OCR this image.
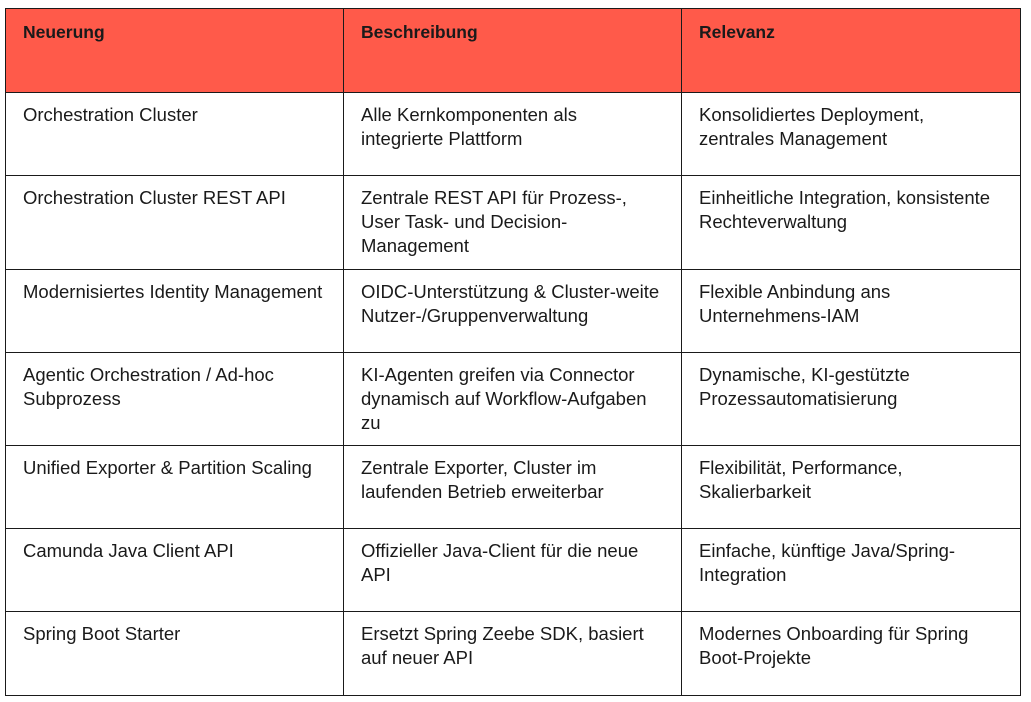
Neuerung	Beschreibung	Relevanz
Orchestration Cluster	Alle Kernkomponenten als integrierte Plattform	Konsolidiertes Deployment, zentrales Management
Orchestration Cluster REST API	Zentrale REST API für Prozess-, User Task- und Decision-Management	Einheitliche Integration, konsistente Rechteverwaltung
Modernisiertes Identity Management	OIDC-Unterstützung & Cluster-weite Nutzer-/Gruppenverwaltung	Flexible Anbindung ans Unternehmens-IAM
Agentic Orchestration / Ad-hoc Subprozess	KI-Agenten greifen via Connector dynamisch auf Workflow-Aufgaben zu	Dynamische, KI-gestützte Prozessautomatisierung
Unified Exporter & Partition Scaling	Zentrale Exporter, Cluster im laufenden Betrieb erweiterbar	Flexibilität, Performance, Skalierbarkeit
Camunda Java Client API	Offizieller Java-Client für die neue API	Einfache, künftige Java/Spring-Integration
Spring Boot Starter	Ersetzt Spring Zeebe SDK, basiert auf neuer API	Modernes Onboarding für Spring Boot-Projekte
